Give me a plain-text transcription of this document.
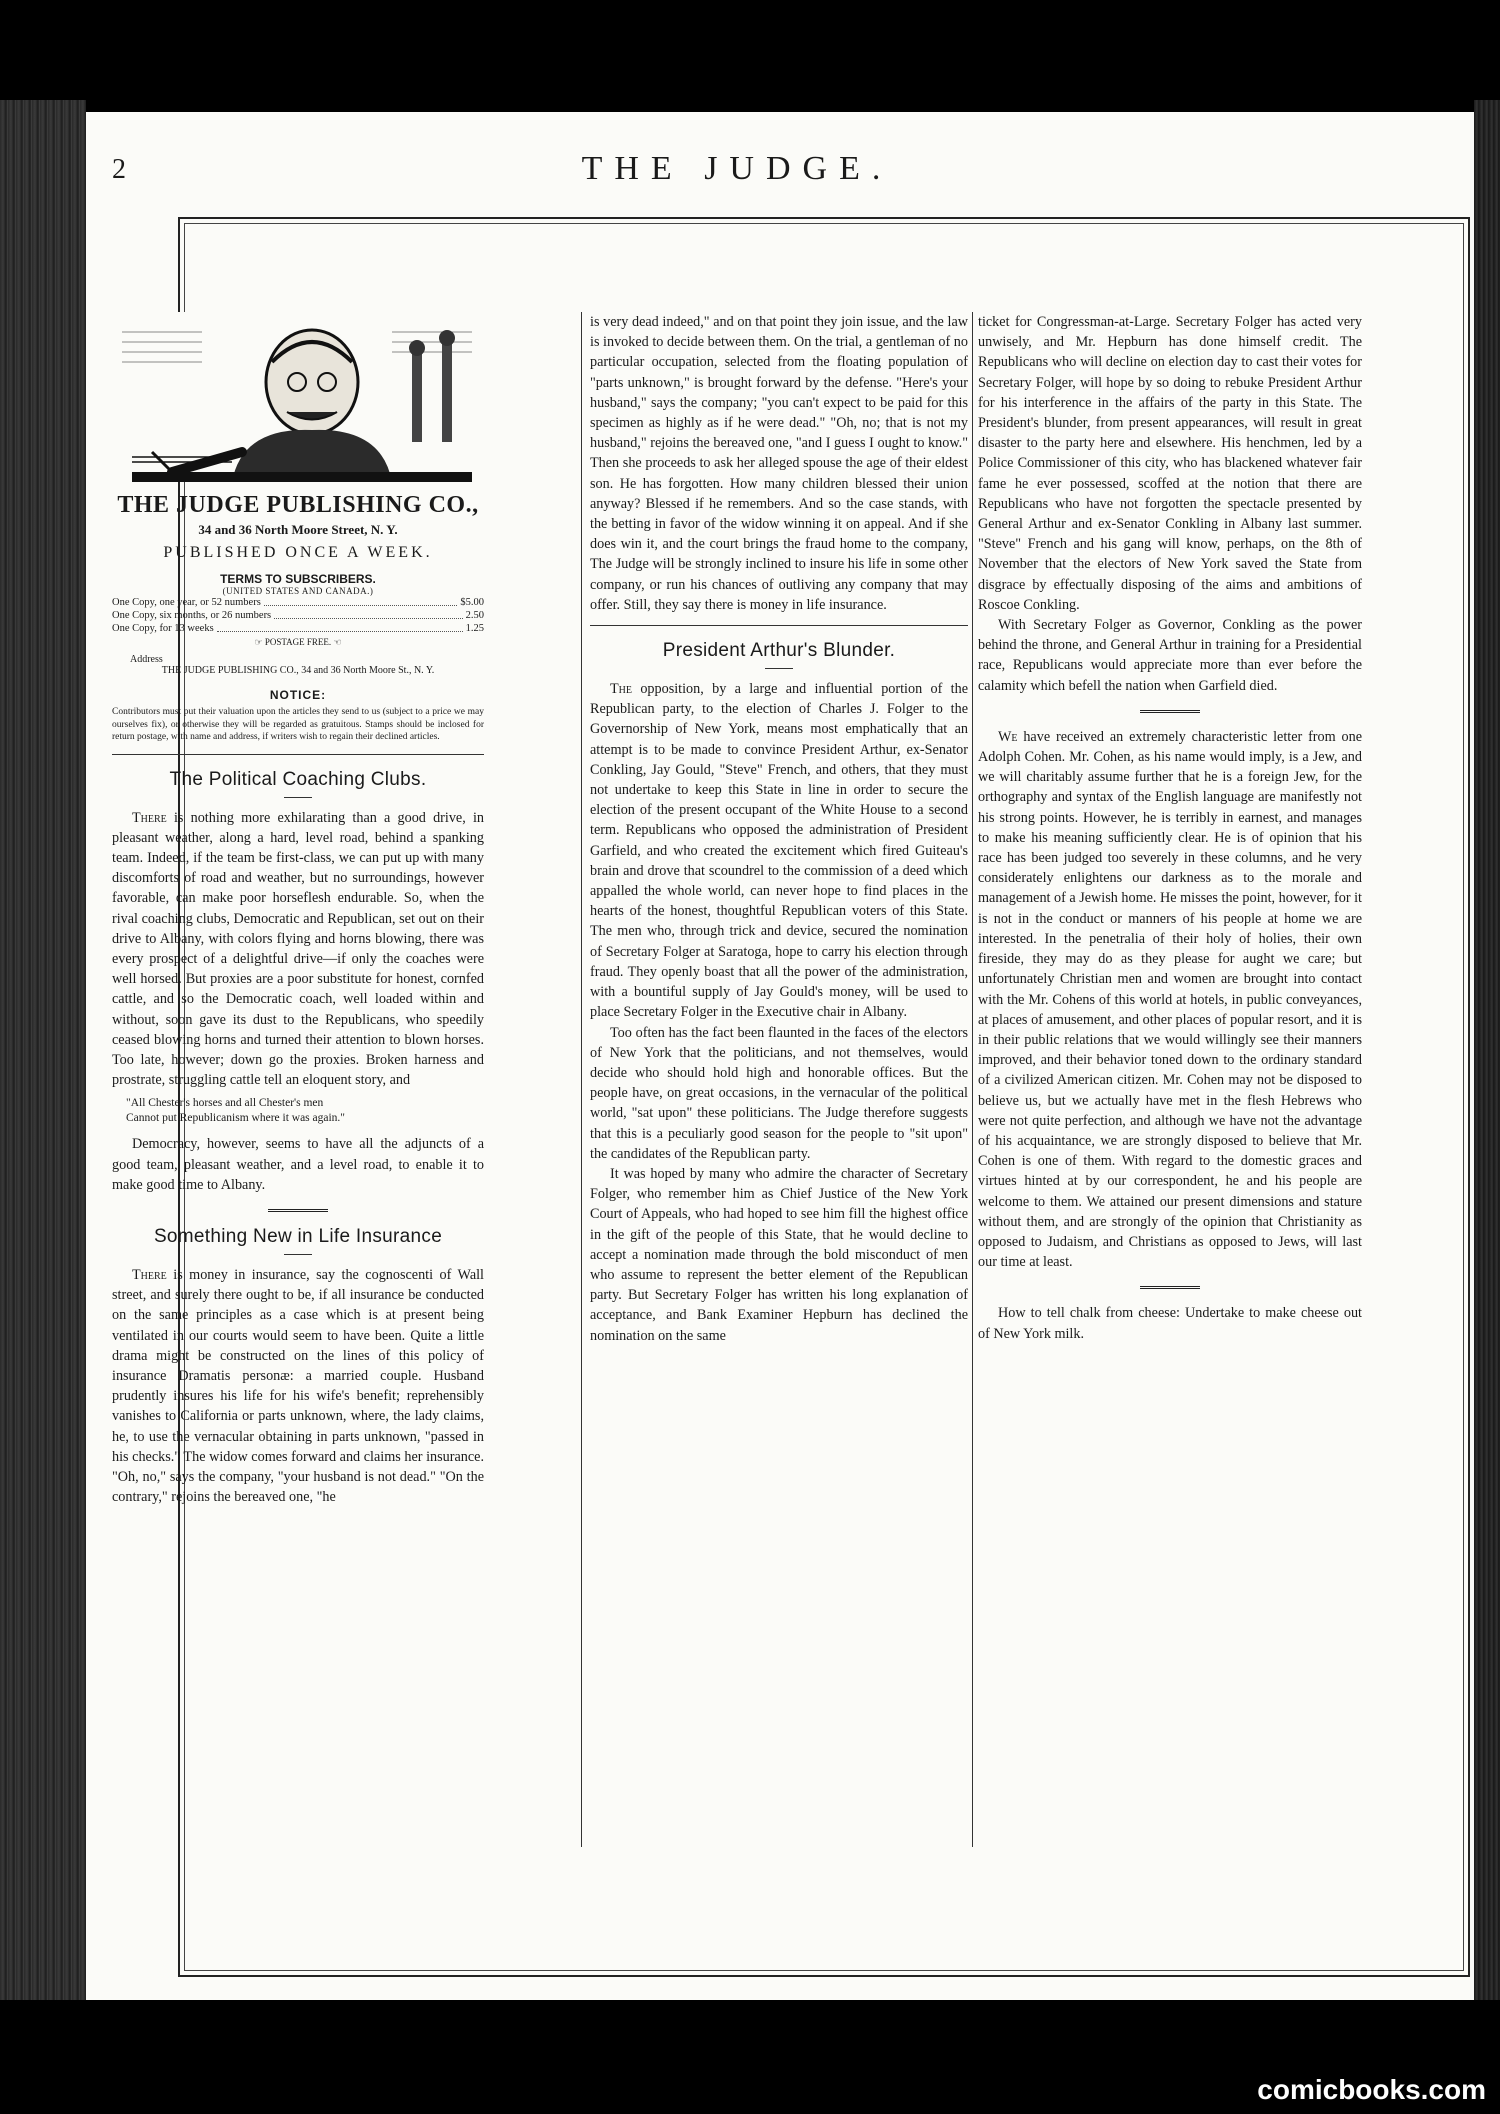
2	THE JUDGE.
THE JUDGE PUBLISHING CO.,
34 and 36 North Moore Street, N. Y.
PUBLISHED ONCE A WEEK.
TERMS TO SUBSCRIBERS.
(UNITED STATES AND CANADA.)
One Copy, one year, or 52 numbers	$5.00
One Copy, six months, or 26 numbers	2.50
One Copy, for 13 weeks	1.25
☞ POSTAGE FREE. ☜
Address
THE JUDGE PUBLISHING CO., 34 and 36 North Moore St., N. Y.
NOTICE:
Contributors must put their valuation upon the articles they send to us (subject to a price we may ourselves fix), or otherwise they will be regarded as gratuitous. Stamps should be inclosed for return postage, with name and address, if writers wish to regain their declined articles.
The Political Coaching Clubs.

There is nothing more exhilarating than a good drive, in pleasant weather, along a hard, level road, behind a spanking team. Indeed, if the team be first-class, we can put up with many discomforts of road and weather, but no surroundings, however favorable, can make poor horseflesh endurable. So, when the rival coaching clubs, Democratic and Republican, set out on their drive to Albany, with colors flying and horns blowing, there was every prospect of a delightful drive—if only the coaches were well horsed. But proxies are a poor substitute for honest, cornfed cattle, and so the Democratic coach, well loaded within and without, soon gave its dust to the Republicans, who speedily ceased blowing horns and turned their attention to blown horses. Too late, however; down go the proxies. Broken harness and prostrate, struggling cattle tell an eloquent story, and

"All Chester's horses and all Chester's men
Cannot put Republicanism where it was again."

Democracy, however, seems to have all the adjuncts of a good team, pleasant weather, and a level road, to enable it to make good time to Albany.

Something New in Life Insurance

There is money in insurance, say the cognoscenti of Wall street, and surely there ought to be, if all insurance be conducted on the same principles as a case which is at present being ventilated in our courts would seem to have been. Quite a little drama might be constructed on the lines of this policy of insurance Dramatis personæ: a married couple. Husband prudently insures his life for his wife's benefit; reprehensibly vanishes to California or parts unknown, where, the lady claims, he, to use the vernacular obtaining in parts unknown, "passed in his checks." The widow comes forward and claims her insurance. "Oh, no," says the company, "your husband is not dead." "On the contrary," rejoins the bereaved one, "he

is very dead indeed," and on that point they join issue, and the law is invoked to decide between them. On the trial, a gentleman of no particular occupation, selected from the floating population of "parts unknown," is brought forward by the defense. "Here's your husband," says the company; "you can't expect to be paid for this specimen as highly as if he were dead." "Oh, no; that is not my husband," rejoins the bereaved one, "and I guess I ought to know." Then she proceeds to ask her alleged spouse the age of their eldest son. He has forgotten. How many children blessed their union anyway? Blessed if he remembers. And so the case stands, with the betting in favor of the widow winning it on appeal. And if she does win it, and the court brings the fraud home to the company, The Judge will be strongly inclined to insure his life in some other company, or run his chances of outliving any company that may offer. Still, they say there is money in life insurance.

President Arthur's Blunder.

The opposition, by a large and influential portion of the Republican party, to the election of Charles J. Folger to the Governorship of New York, means most emphatically that an attempt is to be made to convince President Arthur, ex-Senator Conkling, Jay Gould, "Steve" French, and others, that they must not undertake to keep this State in line in order to secure the election of the present occupant of the White House to a second term. Republicans who opposed the administration of President Garfield, and who created the excitement which fired Guiteau's brain and drove that scoundrel to the commission of a deed which appalled the whole world, can never hope to find places in the hearts of the honest, thoughtful Republican voters of this State. The men who, through trick and device, secured the nomination of Secretary Folger at Saratoga, hope to carry his election through fraud. They openly boast that all the power of the administration, with a bountiful supply of Jay Gould's money, will be used to place Secretary Folger in the Executive chair in Albany.

Too often has the fact been flaunted in the faces of the electors of New York that the politicians, and not themselves, would decide who should hold high and honorable offices. But the people have, on great occasions, in the vernacular of the political world, "sat upon" these politicians. The Judge therefore suggests that this is a peculiarly good season for the people to "sit upon" the candidates of the Republican party.

It was hoped by many who admire the character of Secretary Folger, who remember him as Chief Justice of the New York Court of Appeals, who had hoped to see him fill the highest office in the gift of the people of this State, that he would decline to accept a nomination made through the bold misconduct of men who assume to represent the better element of the Republican party. But Secretary Folger has written his long explanation of acceptance, and Bank Examiner Hepburn has declined the nomination on the same

ticket for Congressman-at-Large. Secretary Folger has acted very unwisely, and Mr. Hepburn has done himself credit. The Republicans who will decline on election day to cast their votes for Secretary Folger, will hope by so doing to rebuke President Arthur for his interference in the affairs of the party in this State. The President's blunder, from present appearances, will result in great disaster to the party here and elsewhere. His henchmen, led by a Police Commissioner of this city, who has blackened whatever fair fame he ever possessed, scoffed at the notion that there are Republicans who have not forgotten the spectacle presented by General Arthur and ex-Senator Conkling in Albany last summer. "Steve" French and his gang will know, perhaps, on the 8th of November that the electors of New York saved the State from disgrace by effectually disposing of the aims and ambitions of Roscoe Conkling.

With Secretary Folger as Governor, Conkling as the power behind the throne, and General Arthur in training for a Presidential race, Republicans would appreciate more than ever before the calamity which befell the nation when Garfield died.

We have received an extremely characteristic letter from one Adolph Cohen. Mr. Cohen, as his name would imply, is a Jew, and we will charitably assume further that he is a foreign Jew, for the orthography and syntax of the English language are manifestly not his strong points. However, he is terribly in earnest, and manages to make his meaning sufficiently clear. He is of opinion that his race has been judged too severely in these columns, and he very considerately enlightens our darkness as to the morale and management of a Jewish home. He misses the point, however, for it is not in the conduct or manners of his people at home we are interested. In the penetralia of their holy of holies, their own fireside, they may do as they please for aught we care; but unfortunately Christian men and women are brought into contact with the Mr. Cohens of this world at hotels, in public conveyances, at places of amusement, and other places of popular resort, and it is in their public relations that we would willingly see their manners improved, and their behavior toned down to the ordinary standard of a civilized American citizen. Mr. Cohen may not be disposed to believe us, but we actually have met in the flesh Hebrews who were not quite perfection, and although we have not the advantage of his acquaintance, we are strongly disposed to believe that Mr. Cohen is one of them. With regard to the domestic graces and virtues hinted at by our correspondent, he and his people are welcome to them. We attained our present dimensions and stature without them, and are strongly of the opinion that Christianity as opposed to Judaism, and Christians as opposed to Jews, will last our time at least.

How to tell chalk from cheese: Undertake to make cheese out of New York milk.

comicbooks.com
